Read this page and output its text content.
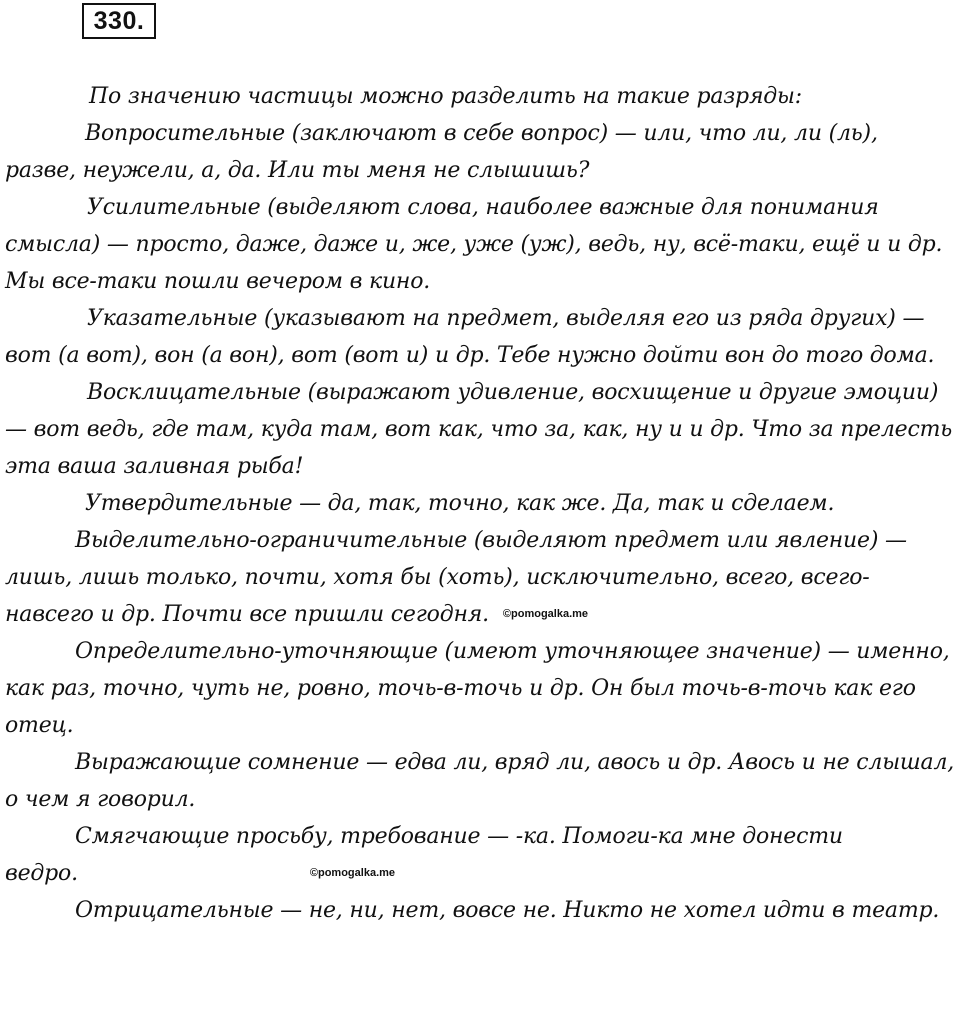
330.

По значению частицы можно разделить на такие разряды:

Вопросительные (заключают в себе вопрос) — или, что ли, ли (ль), разве, неужели, а, да. Или ты меня не слышишь?

Усилительные (выделяют слова, наиболее важные для понимания смысла) — просто, даже, даже и, же, уже (уж), ведь, ну, всё-таки, ещё и и др. Мы все-таки пошли вечером в кино.

Указательные (указывают на предмет, выделяя его из ряда других) — вот (а вот), вон (а вон), вот (вот и) и др. Тебе нужно дойти вон до того дома.

Восклицательные (выражают удивление, восхищение и другие эмоции) — вот ведь, где там, куда там, вот как, что за, как, ну и и др. Что за прелесть эта ваша заливная рыба!

Утвердительные — да, так, точно, как же. Да, так и сделаем.

Выделительно-ограничительные (выделяют предмет или явление) — лишь, лишь только, почти, хотя бы (хоть), исключительно, всего, всего-навсего и др. Почти все пришли сегодня. ©pomogalka.me

Определительно-уточняющие (имеют уточняющее значение) — именно, как раз, точно, чуть не, ровно, точь-в-точь и др. Он был точь-в-точь как его отец.

Выражающие сомнение — едва ли, вряд ли, авось и др. Авось и не слышал, о чем я говорил.

Смягчающие просьбу, требование — -ка. Помоги-ка мне донести ведро.	©pomogalka.me

Отрицательные — не, ни, нет, вовсе не. Никто не хотел идти в театр.
